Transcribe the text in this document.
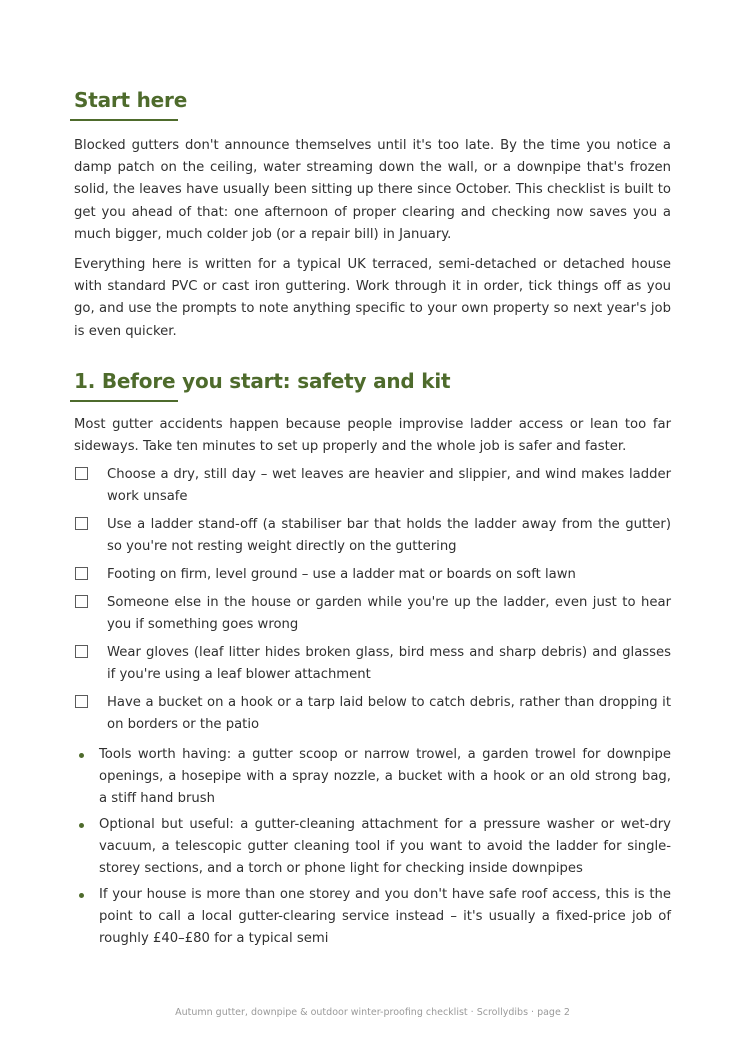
Start here

Blocked gutters don't announce themselves until it's too late. By the time you notice a damp patch on the ceiling, water streaming down the wall, or a downpipe that's frozen solid, the leaves have usually been sitting up there since October. This checklist is built to get you ahead of that: one afternoon of proper clearing and checking now saves you a much bigger, much colder job (or a repair bill) in January.

Everything here is written for a typical UK terraced, semi-detached or detached house with standard PVC or cast iron guttering. Work through it in order, tick things off as you go, and use the prompts to note anything specific to your own property so next year's job is even quicker.

1. Before you start: safety and kit

Most gutter accidents happen because people improvise ladder access or lean too far sideways. Take ten minutes to set up properly and the whole job is safer and faster.

Choose a dry, still day – wet leaves are heavier and slippier, and wind makes ladder work unsafe
Use a ladder stand-off (a stabiliser bar that holds the ladder away from the gutter) so you're not resting weight directly on the guttering
Footing on firm, level ground – use a ladder mat or boards on soft lawn
Someone else in the house or garden while you're up the ladder, even just to hear you if something goes wrong
Wear gloves (leaf litter hides broken glass, bird mess and sharp debris) and glasses if you're using a leaf blower attachment
Have a bucket on a hook or a tarp laid below to catch debris, rather than dropping it on borders or the patio
Tools worth having: a gutter scoop or narrow trowel, a garden trowel for downpipe openings, a hosepipe with a spray nozzle, a bucket with a hook or an old strong bag, a stiff hand brush
Optional but useful: a gutter-cleaning attachment for a pressure washer or wet-dry vacuum, a telescopic gutter cleaning tool if you want to avoid the ladder for single-storey sections, and a torch or phone light for checking inside downpipes
If your house is more than one storey and you don't have safe roof access, this is the point to call a local gutter-clearing service instead – it's usually a fixed-price job of roughly £40–£80 for a typical semi
Autumn gutter, downpipe & outdoor winter-proofing checklist · Scrollydibs · page 2
